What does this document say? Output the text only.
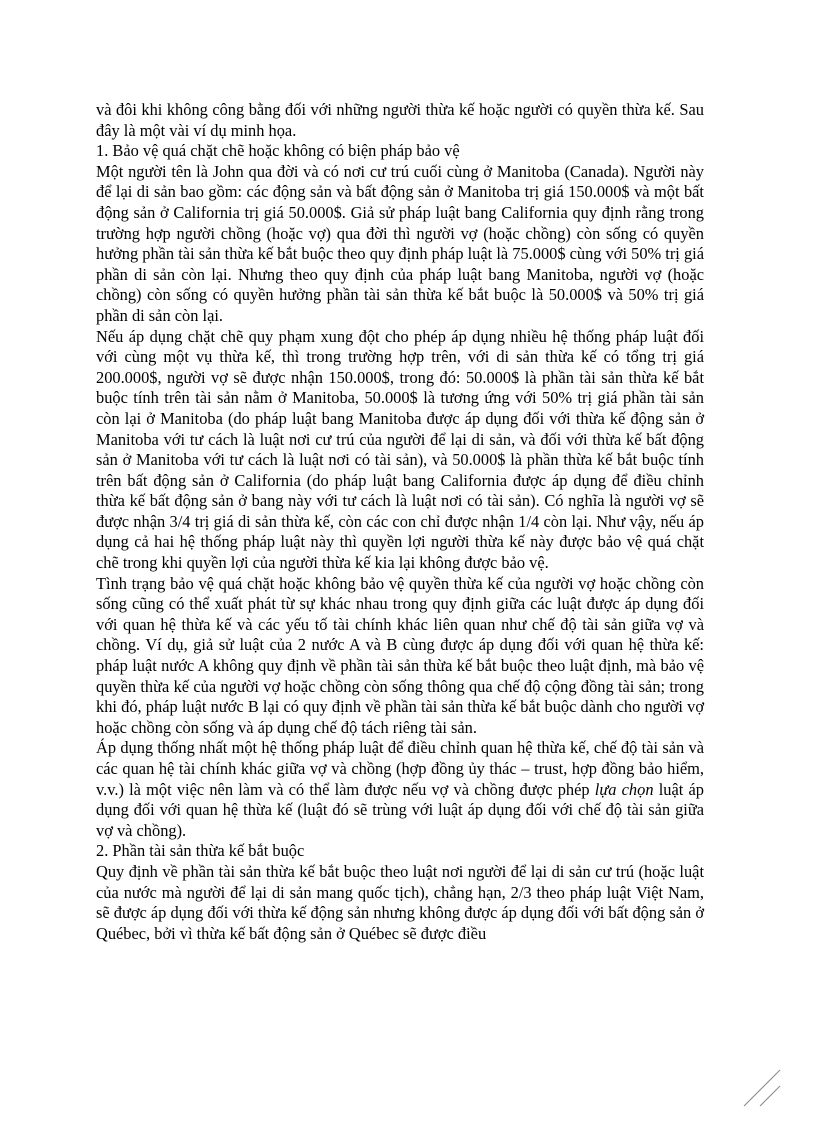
và đôi khi không công bằng đối với những người thừa kế hoặc người có quyền thừa kế. Sau đây là một vài ví dụ minh họa.

1. Bảo vệ quá chặt chẽ hoặc không có biện pháp bảo vệ

Một người tên là John qua đời và có nơi cư trú cuối cùng ở Manitoba (Canada). Người này để lại di sản bao gồm: các động sản và bất động sản ở Manitoba trị giá 150.000$ và một bất động sản ở California trị giá 50.000$. Giả sử pháp luật bang California quy định rằng trong trường hợp người chồng (hoặc vợ) qua đời thì người vợ (hoặc chồng) còn sống có quyền hưởng phần tài sản thừa kế bắt buộc theo quy định pháp luật là 75.000$ cùng với 50% trị giá phần di sản còn lại. Nhưng theo quy định của pháp luật bang Manitoba, người vợ (hoặc chồng) còn sống có quyền hưởng phần tài sản thừa kế bắt buộc là 50.000$ và 50% trị giá phần di sản còn lại.

Nếu áp dụng chặt chẽ quy phạm xung đột cho phép áp dụng nhiều hệ thống pháp luật đối với cùng một vụ thừa kế, thì trong trường hợp trên, với di sản thừa kế có tổng trị giá 200.000$, người vợ sẽ được nhận 150.000$, trong đó: 50.000$ là phần tài sản thừa kế bắt buộc tính trên tài sản nằm ở Manitoba, 50.000$ là tương ứng với 50% trị giá phần tài sản còn lại ở Manitoba (do pháp luật bang Manitoba được áp dụng đối với thừa kế động sản ở Manitoba với tư cách là luật nơi cư trú của người để lại di sản, và đối với thừa kế bất động sản ở Manitoba với tư cách là luật nơi có tài sản), và 50.000$ là phần thừa kế bắt buộc tính trên bất động sản ở California (do pháp luật bang California được áp dụng để điều chỉnh thừa kế bất động sản ở bang này với tư cách là luật nơi có tài sản). Có nghĩa là người vợ sẽ được nhận 3/4 trị giá di sản thừa kế, còn các con chỉ được nhận 1/4 còn lại. Như vậy, nếu áp dụng cả hai hệ thống pháp luật này thì quyền lợi người thừa kế này được bảo vệ quá chặt chẽ trong khi quyền lợi của người thừa kế kia lại không được bảo vệ.

Tình trạng bảo vệ quá chặt hoặc không bảo vệ quyền thừa kế của người vợ hoặc chồng còn sống cũng có thể xuất phát từ sự khác nhau trong quy định giữa các luật được áp dụng đối với quan hệ thừa kế và các yếu tố tài chính khác liên quan như chế độ tài sản giữa vợ và chồng. Ví dụ, giả sử luật của 2 nước A và B cùng được áp dụng đối với quan hệ thừa kế: pháp luật nước A không quy định về phần tài sản thừa kế bắt buộc theo luật định, mà bảo vệ quyền thừa kế của người vợ hoặc chồng còn sống thông qua chế độ cộng đồng tài sản; trong khi đó, pháp luật nước B lại có quy định về phần tài sản thừa kế bắt buộc dành cho người vợ hoặc chồng còn sống và áp dụng chế độ tách riêng tài sản.

Áp dụng thống nhất một hệ thống pháp luật để điều chỉnh quan hệ thừa kế, chế độ tài sản và các quan hệ tài chính khác giữa vợ và chồng (hợp đồng ủy thác – trust, hợp đồng bảo hiểm, v.v.) là một việc nên làm và có thể làm được nếu vợ và chồng được phép lựa chọn luật áp dụng đối với quan hệ thừa kế (luật đó sẽ trùng với luật áp dụng đối với chế độ tài sản giữa vợ và chồng).

2. Phần tài sản thừa kế bắt buộc

Quy định về phần tài sản thừa kế bắt buộc theo luật nơi người để lại di sản cư trú (hoặc luật của nước mà người để lại di sản mang quốc tịch), chẳng hạn, 2/3 theo pháp luật Việt Nam, sẽ được áp dụng đối với thừa kế động sản nhưng không được áp dụng đối với bất động sản ở Québec, bởi vì thừa kế bất động sản ở Québec sẽ được điều
